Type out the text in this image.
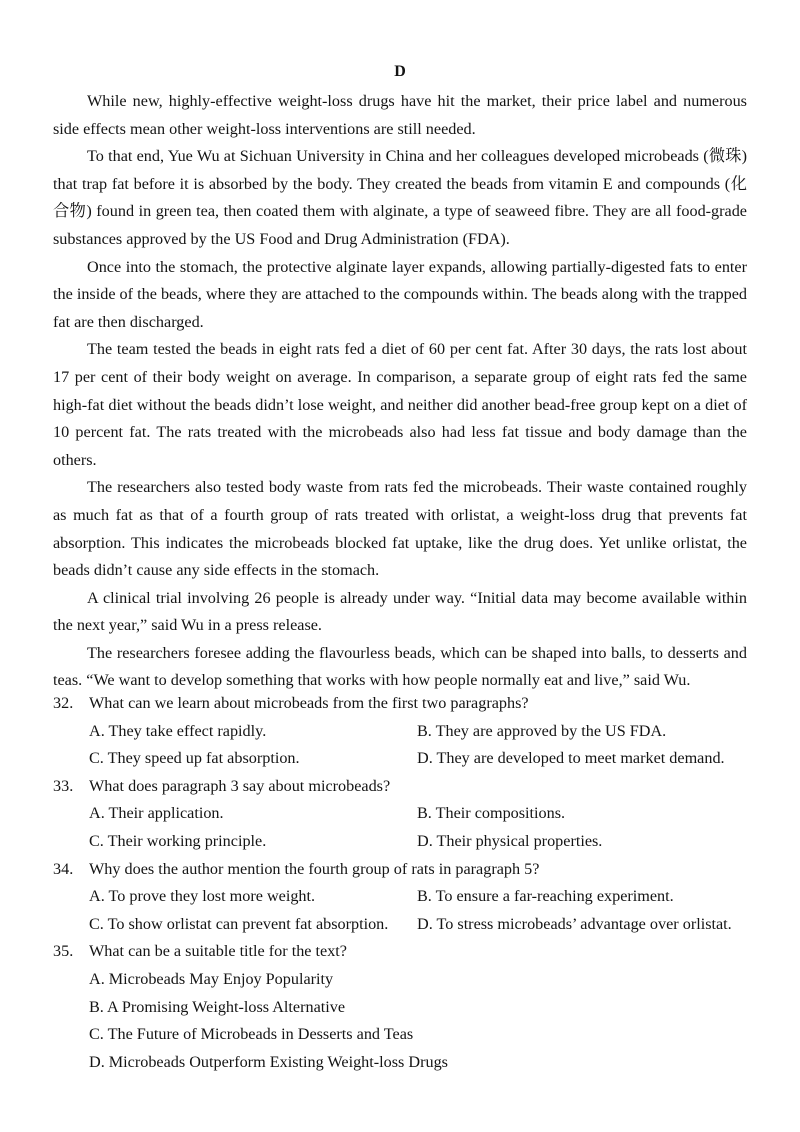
D

While new, highly-effective weight-loss drugs have hit the market, their price label and numerous side effects mean other weight-loss interventions are still needed.

To that end, Yue Wu at Sichuan University in China and her colleagues developed microbeads (微珠) that trap fat before it is absorbed by the body. They created the beads from vitamin E and compounds (化合物) found in green tea, then coated them with alginate, a type of seaweed fibre. They are all food-grade substances approved by the US Food and Drug Administration (FDA).

Once into the stomach, the protective alginate layer expands, allowing partially-digested fats to enter the inside of the beads, where they are attached to the compounds within. The beads along with the trapped fat are then discharged.

The team tested the beads in eight rats fed a diet of 60 per cent fat. After 30 days, the rats lost about 17 per cent of their body weight on average. In comparison, a separate group of eight rats fed the same high-fat diet without the beads didn’t lose weight, and neither did another bead-free group kept on a diet of 10 percent fat. The rats treated with the microbeads also had less fat tissue and body damage than the others.

The researchers also tested body waste from rats fed the microbeads. Their waste contained roughly as much fat as that of a fourth group of rats treated with orlistat, a weight-loss drug that prevents fat absorption. This indicates the microbeads blocked fat uptake, like the drug does. Yet unlike orlistat, the beads didn’t cause any side effects in the stomach.

A clinical trial involving 26 people is already under way. “Initial data may become available within the next year,” said Wu in a press release.

The researchers foresee adding the flavourless beads, which can be shaped into balls, to desserts and teas. “We want to develop something that works with how people normally eat and live,” said Wu.

32. What can we learn about microbeads from the first two paragraphs?
A. They take effect rapidly.	B. They are approved by the US FDA.
C. They speed up fat absorption.	D. They are developed to meet market demand.
33. What does paragraph 3 say about microbeads?
A. Their application.	B. Their compositions.
C. Their working principle.	D. Their physical properties.
34. Why does the author mention the fourth group of rats in paragraph 5?
A. To prove they lost more weight.	B. To ensure a far-reaching experiment.
C. To show orlistat can prevent fat absorption.	D. To stress microbeads’ advantage over orlistat.
35. What can be a suitable title for the text?
A. Microbeads May Enjoy Popularity
B. A Promising Weight-loss Alternative
C. The Future of Microbeads in Desserts and Teas
D. Microbeads Outperform Existing Weight-loss Drugs
